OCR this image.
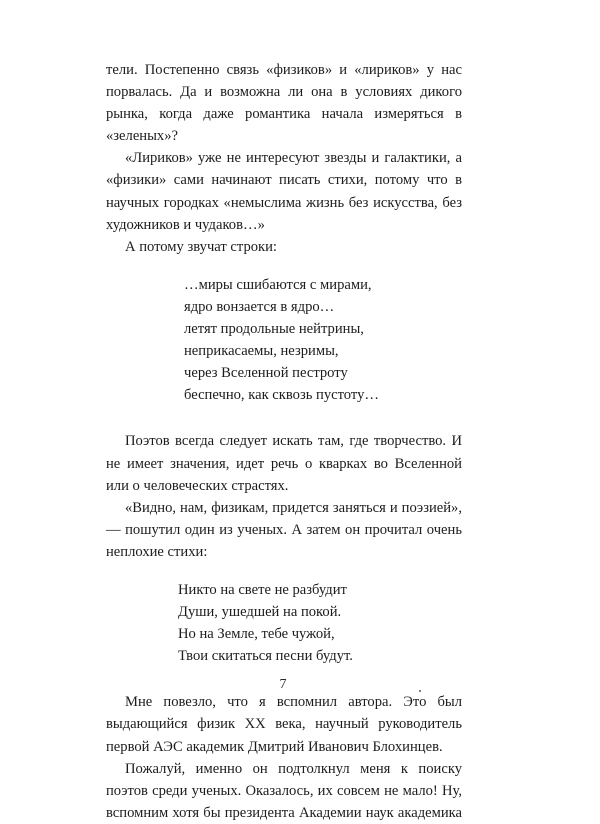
тели. Постепенно связь «физиков» и «лириков» у нас порвалась. Да и возможна ли она в условиях дикого рынка, когда даже романтика начала измеряться в «зеленых»?

«Лириков» уже не интересуют звезды и галактики, а «физики» сами начинают писать стихи, потому что в научных городках «немыслима жизнь без искусства, без художников и чудаков…»

А потому звучат строки:

…миры сшибаются с мирами,
ядро вонзается в ядро…
летят продольные нейтрины,
неприкасаемы, незримы,
через Вселенной пестроту
беспечно, как сквозь пустоту…

Поэтов всегда следует искать там, где творчество. И не имеет значения, идет речь о кварках во Вселенной или о человеческих страстях.

«Видно, нам, физикам, придется заняться и поэзией», — пошутил один из ученых. А затем он прочитал очень неплохие стихи:

Никто на свете не разбудит
Души, ушедшей на покой.
Но на Земле, тебе чужой,
Твои скитаться песни будут.

Мне повезло, что я вспомнил автора. Это был выдающийся физик ХХ века, научный руководитель первой АЭС академик Дмитрий Иванович Блохинцев.

Пожалуй, именно он подтолкнул меня к поиску поэтов среди ученых. Оказалось, их совсем не мало! Ну, вспомним хотя бы президента Академии наук академика

7
